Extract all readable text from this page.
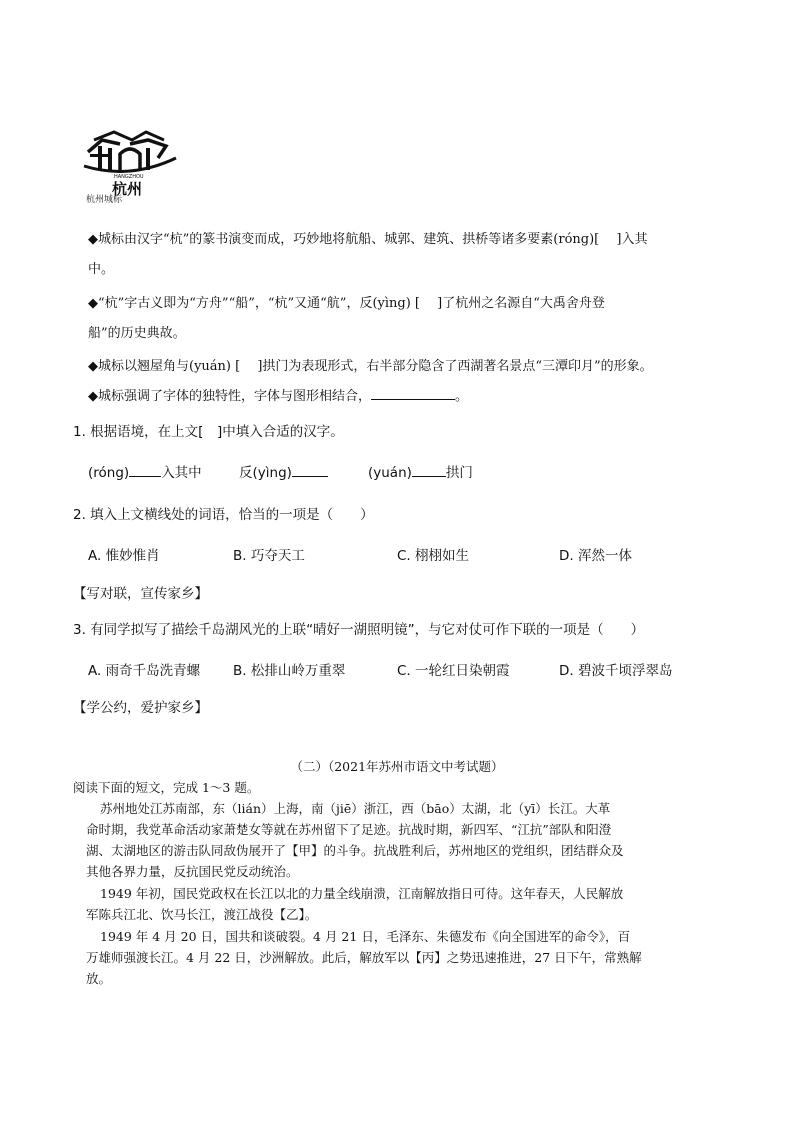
HANGZHOU
杭州
杭州城标
◆城标由汉字“杭”的篆书演变而成，巧妙地将航船、城郭、建筑、拱桥等诸多要素(róng)[　 ]入其
中。
◆“杭”字古义即为“方舟”“船”，“杭”又通“航”，反(yìng) [　 ]了杭州之名源自“大禹舍舟登
船”的历史典故。
◆城标以翘屋角与(yuán) [　 ]拱门为表现形式，右半部分隐含了西湖著名景点“三潭印月”的形象。
◆城标强调了字体的独特性，字体与图形相结合，	。
1. 根据语境，在上文[　]中填入合适的汉字。
(róng) 入其中	反(yìng)	(yuán)	拱门
2. 填入上文横线处的词语，恰当的一项是（　　）
A. 惟妙惟肖	B. 巧夺天工	C. 栩栩如生	D. 浑然一体
【写对联，宣传家乡】
3. 有同学拟写了描绘千岛湖风光的上联“晴好一湖照明镜”，与它对仗可作下联的一项是（　　）
A. 雨奇千岛洗青螺 B. 松排山岭万重翠	C. 一轮红日染朝霞	D. 碧波千顷浮翠岛
【学公约，爱护家乡】
（二）（2021年苏州市语文中考试题）
阅读下面的短文，完成 1～3 题。
苏州地处江苏南部，东（lián）上海，南（jiē）浙江，西（bāo）太湖，北（yī）长江。大革
命时期，我党革命活动家萧楚女等就在苏州留下了足迹。抗战时期，新四军、“江抗”部队和阳澄
湖、太湖地区的游击队同敌伪展开了【甲】的斗争。抗战胜利后，苏州地区的党组织，团结群众及
其他各界力量，反抗国民党反动统治。
1949 年初，国民党政权在长江以北的力量全线崩溃，江南解放指日可待。这年春天，人民解放
军陈兵江北、饮马长江，渡江战役【乙】。
1949 年 4 月 20 日，国共和谈破裂。4 月 21 日，毛泽东、朱德发布《向全国进军的命令》，百
万雄师强渡长江。4 月 22 日，沙洲解放。此后，解放军以【丙】之势迅速推进，27 日下午，常熟解
放。
